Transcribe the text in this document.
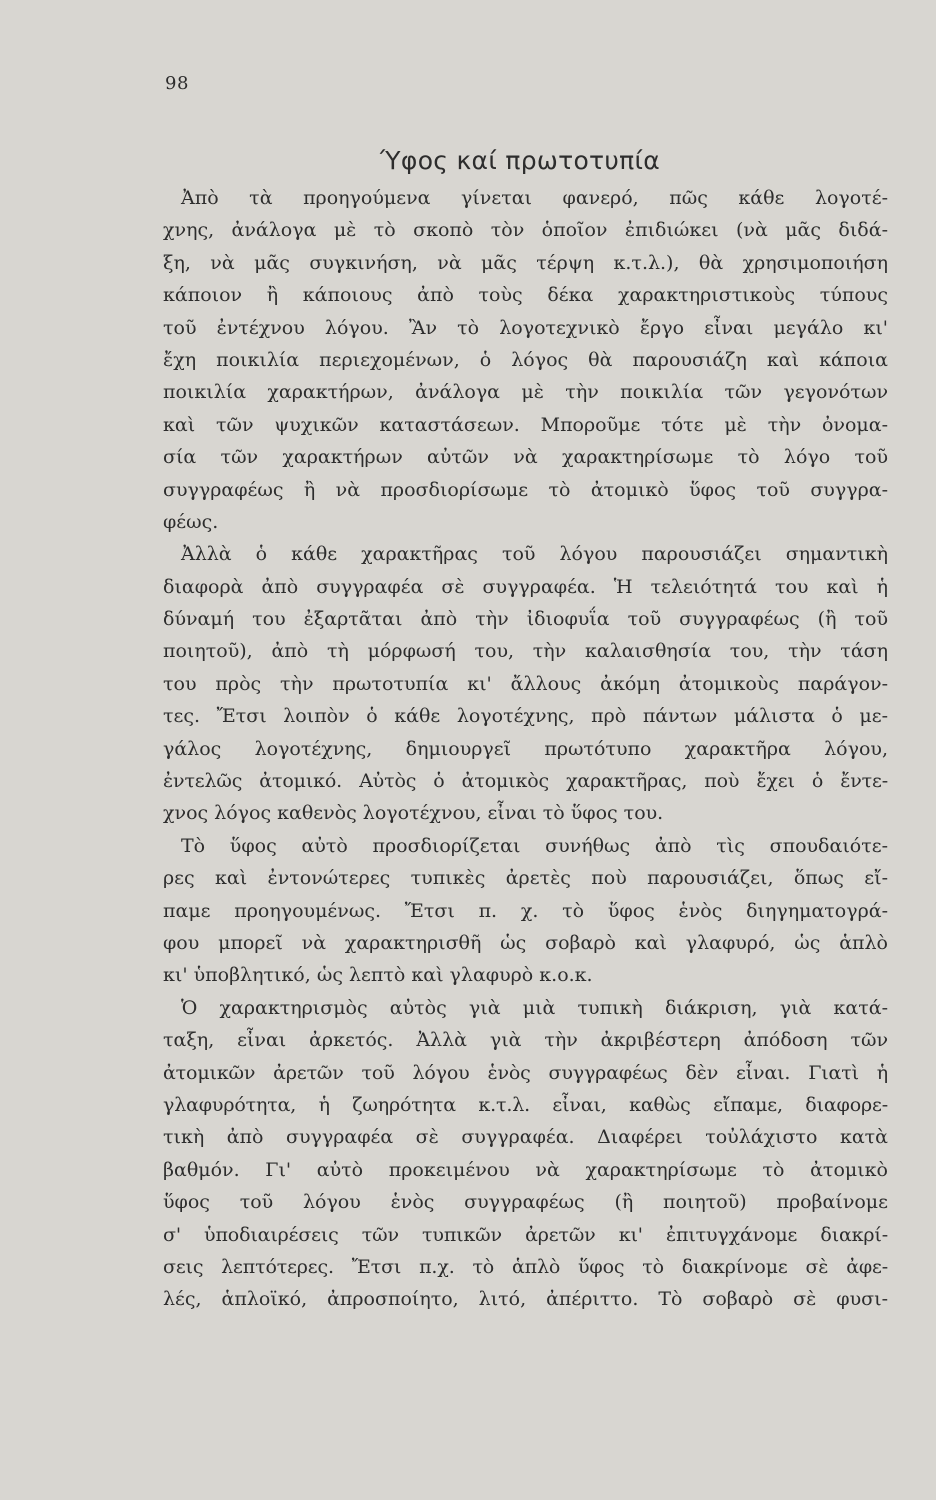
98
Ύφος καί πρωτοτυπία
Ἀπὸ τὰ προηγούμενα γίνεται φανερό, πῶς κάθε λογοτέ-
χνης, ἀνάλογα μὲ τὸ σκοπὸ τὸν ὁποῖον ἐπιδιώκει (νὰ μᾶς διδά-
ξη, νὰ μᾶς συγκινήση, νὰ μᾶς τέρψη κ.τ.λ.), θὰ χρησιμοποιήση
κάποιον ἢ κάποιους ἀπὸ τοὺς δέκα χαρακτηριστικοὺς τύπους
τοῦ ἐντέχνου λόγου. Ἂν τὸ λογοτεχνικὸ ἔργο εἶναι μεγάλο κι'
ἔχη ποικιλία περιεχομένων, ὁ λόγος θὰ παρουσιάζη καὶ κάποια
ποικιλία χαρακτήρων, ἀνάλογα μὲ τὴν ποικιλία τῶν γεγονότων
καὶ τῶν ψυχικῶν καταστάσεων. Μποροῦμε τότε μὲ τὴν ὀνομα-
σία τῶν χαρακτήρων αὐτῶν νὰ χαρακτηρίσωμε τὸ λόγο τοῦ
συγγραφέως ἢ νὰ προσδιορίσωμε τὸ ἀτομικὸ ὕφος τοῦ συγγρα-
φέως.
Ἀλλὰ ὁ κάθε χαρακτῆρας τοῦ λόγου παρουσιάζει σημαντικὴ
διαφορὰ ἀπὸ συγγραφέα σὲ συγγραφέα. Ἡ τελειότητά του καὶ ἡ
δύναμή του ἐξαρτᾶται ἀπὸ τὴν ἰδιοφυΐα τοῦ συγγραφέως (ἢ τοῦ
ποιητοῦ), ἀπὸ τὴ μόρφωσή του, τὴν καλαισθησία του, τὴν τάση
του πρὸς τὴν πρωτοτυπία κι' ἄλλους ἀκόμη ἀτομικοὺς παράγον-
τες. Ἔτσι λοιπὸν ὁ κάθε λογοτέχνης, πρὸ πάντων μάλιστα ὁ με-
γάλος λογοτέχνης, δημιουργεῖ πρωτότυπο χαρακτῆρα λόγου,
ἐντελῶς ἀτομικό. Αὐτὸς ὁ ἀτομικὸς χαρακτῆρας, ποὺ ἔχει ὁ ἔντε-
χνος λόγος καθενὸς λογοτέχνου, εἶναι τὸ ὕφος του.
Τὸ ὕφος αὐτὸ προσδιορίζεται συνήθως ἀπὸ τὶς σπουδαιότε-
ρες καὶ ἐντονώτερες τυπικὲς ἀρετὲς ποὺ παρουσιάζει, ὅπως εἴ-
παμε προηγουμένως. Ἔτσι π. χ. τὸ ὕφος ἑνὸς διηγηματογρά-
φου μπορεῖ νὰ χαρακτηρισθῆ ὡς σοβαρὸ καὶ γλαφυρό, ὡς ἁπλὸ
κι' ὑποβλητικό, ὡς λεπτὸ καὶ γλαφυρὸ κ.ο.κ.
Ὁ χαρακτηρισμὸς αὐτὸς γιὰ μιὰ τυπικὴ διάκριση, γιὰ κατά-
ταξη, εἶναι ἀρκετός. Ἀλλὰ γιὰ τὴν ἀκριβέστερη ἀπόδοση τῶν
ἀτομικῶν ἀρετῶν τοῦ λόγου ἑνὸς συγγραφέως δὲν εἶναι. Γιατὶ ἡ
γλαφυρότητα, ἡ ζωηρότητα κ.τ.λ. εἶναι, καθὼς εἴπαμε, διαφορε-
τικὴ ἀπὸ συγγραφέα σὲ συγγραφέα. Διαφέρει τοὐλάχιστο κατὰ
βαθμόν. Γι' αὐτὸ προκειμένου νὰ χαρακτηρίσωμε τὸ ἀτομικὸ
ὕφος τοῦ λόγου ἑνὸς συγγραφέως (ἢ ποιητοῦ) προβαίνομε
σ' ὑποδιαιρέσεις τῶν τυπικῶν ἀρετῶν κι' ἐπιτυγχάνομε διακρί-
σεις λεπτότερες. Ἔτσι π.χ. τὸ ἁπλὸ ὕφος τὸ διακρίνομε σὲ ἀφε-
λές, ἁπλοϊκό, ἀπροσποίητο, λιτό, ἀπέριττο. Τὸ σοβαρὸ σὲ φυσι-
